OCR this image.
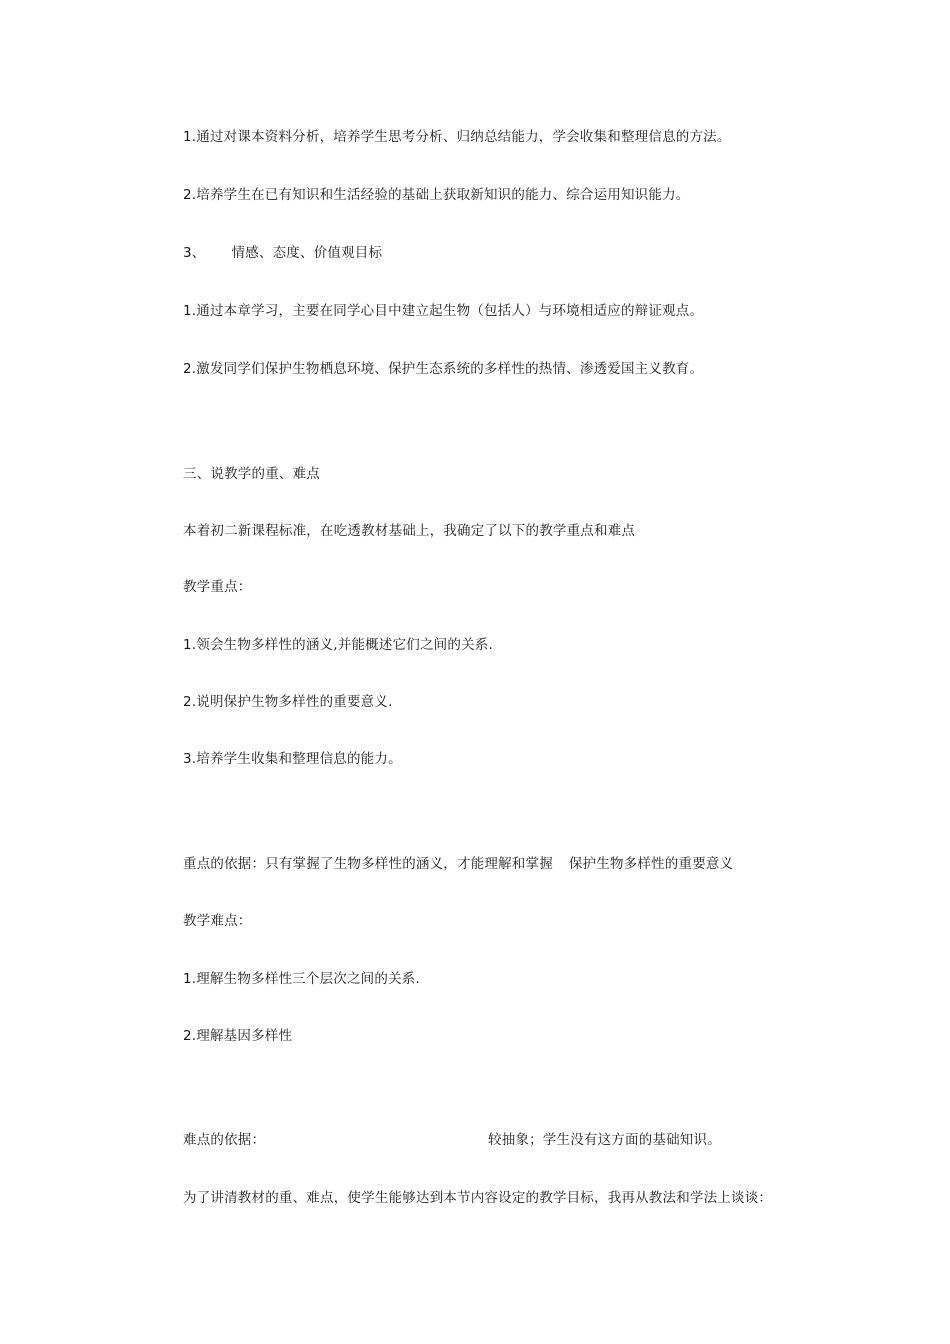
1.通过对课本资料分析，培养学生思考分析、归纳总结能力，学会收集和整理信息的方法。
2.培养学生在已有知识和生活经验的基础上获取新知识的能力、综合运用知识能力。
3、 情感、态度、价值观目标
1.通过本章学习，主要在同学心目中建立起生物（包括人）与环境相适应的辩证观点。
2.激发同学们保护生物栖息环境、保护生态系统的多样性的热情、渗透爱国主义教育。
三、说教学的重、难点
本着初二新课程标准，在吃透教材基础上，我确定了以下的教学重点和难点
教学重点：
1.领会生物多样性的涵义,并能概述它们之间的关系.
2.说明保护生物多样性的重要意义.
3.培养学生收集和整理信息的能力。
重点的依据：只有掌握了生物多样性的涵义，才能理解和掌握 保护生物多样性的重要意义
教学难点：
1.理解生物多样性三个层次之间的关系.
2.理解基因多样性
难点的依据：	较抽象；学生没有这方面的基础知识。
为了讲清教材的重、难点，使学生能够达到本节内容设定的教学目标，我再从教法和学法上谈谈：
